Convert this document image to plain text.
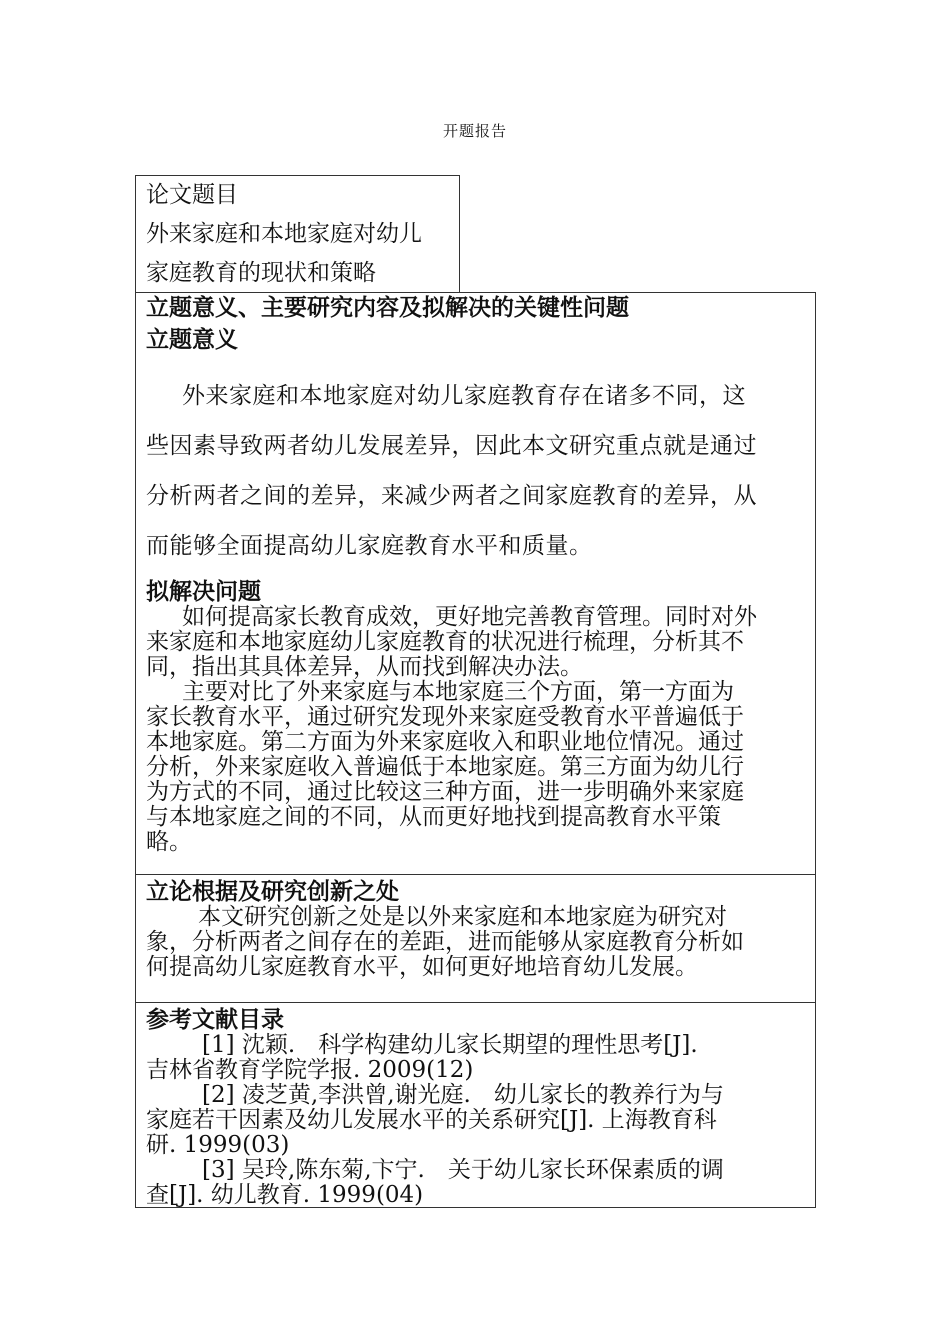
开题报告
论文题目
外来家庭和本地家庭对幼儿
家庭教育的现状和策略
立题意义、主要研究内容及拟解决的关键性问题
立题意义

外来家庭和本地家庭对幼儿家庭教育存在诸多不同，这
些因素导致两者幼儿发展差异，因此本文研究重点就是通过
分析两者之间的差异，来减少两者之间家庭教育的差异，从
而能够全面提高幼儿家庭教育水平和质量。

拟解决问题

如何提高家长教育成效，更好地完善教育管理。同时对外
来家庭和本地家庭幼儿家庭教育的状况进行梳理，分析其不
同，指出其具体差异，从而找到解决办法。
主要对比了外来家庭与本地家庭三个方面，第一方面为
家长教育水平，通过研究发现外来家庭受教育水平普遍低于
本地家庭。第二方面为外来家庭收入和职业地位情况。通过
分析，外来家庭收入普遍低于本地家庭。第三方面为幼儿行
为方式的不同，通过比较这三种方面，进一步明确外来家庭
与本地家庭之间的不同，从而更好地找到提高教育水平策
略。

立论根据及研究创新之处

本文研究创新之处是以外来家庭和本地家庭为研究对
象，分析两者之间存在的差距，进而能够从家庭教育分析如
何提高幼儿家庭教育水平，如何更好地培育幼儿发展。

参考文献目录

[1] 沈颖.　科学构建幼儿家长期望的理性思考[J].
吉林省教育学院学报. 2009(12)
[2] 凌芝黄,李洪曾,谢光庭.　幼儿家长的教养行为与
家庭若干因素及幼儿发展水平的关系研究[J]. 上海教育科
研. 1999(03)
[3] 吴玲,陈东菊,卞宁.　关于幼儿家长环保素质的调
查[J]. 幼儿教育. 1999(04)
